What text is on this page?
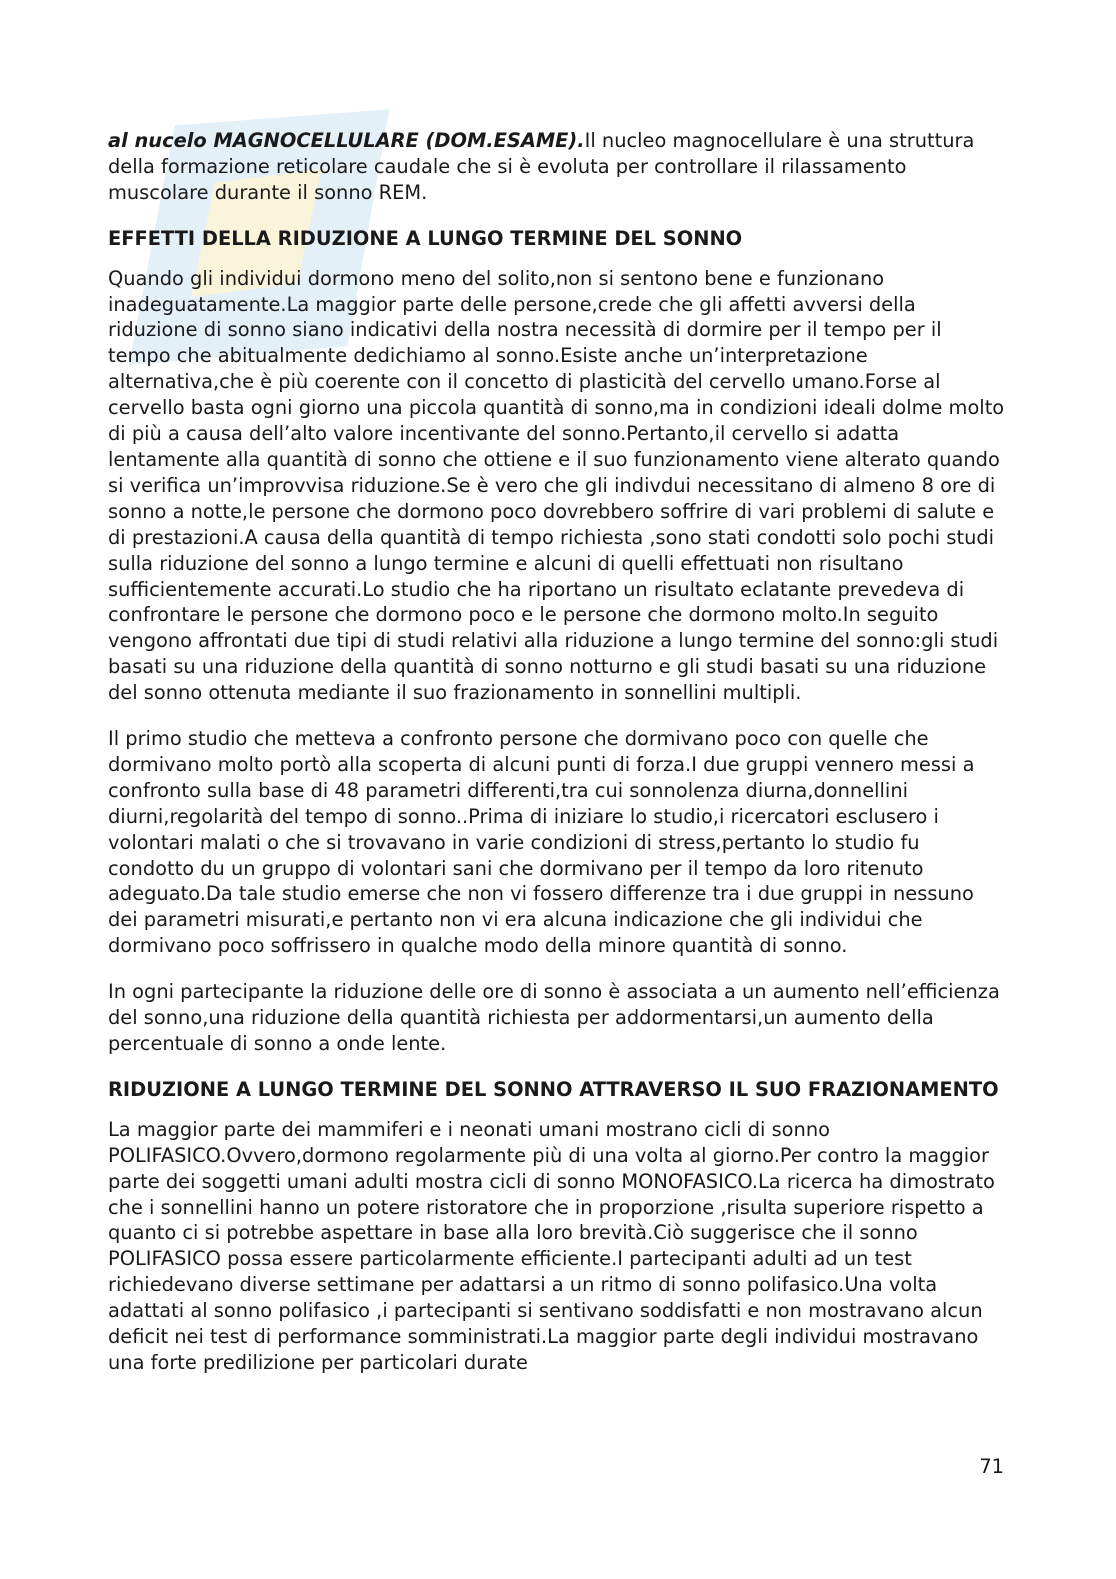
al nucelo MAGNOCELLULARE (DOM.ESAME).Il nucleo magnocellulare è una struttura della formazione reticolare caudale che si è evoluta per controllare il rilassamento muscolare durante il sonno REM.

EFFETTI DELLA RIDUZIONE A LUNGO TERMINE DEL SONNO

Quando gli individui dormono meno del solito,non si sentono bene e funzionano inadeguatamente.La maggior parte delle persone,crede che gli affetti avversi della riduzione di sonno siano indicativi della nostra necessità di dormire per il tempo per il tempo che abitualmente dedichiamo al sonno.Esiste anche un’interpretazione alternativa,che è più coerente con il concetto di plasticità del cervello umano.Forse al cervello basta ogni giorno una piccola quantità di sonno,ma in condizioni ideali dolme molto di più a causa dell’alto valore incentivante del sonno.Pertanto,il cervello si adatta lentamente alla quantità di sonno che ottiene e il suo funzionamento viene alterato quando si verifica un’improvvisa riduzione.Se è vero che gli indivdui necessitano di almeno 8 ore di sonno a notte,le persone che dormono poco dovrebbero soffrire di vari problemi di salute e di prestazioni.A causa della quantità di tempo richiesta ,sono stati condotti solo pochi studi sulla riduzione del sonno a lungo termine e alcuni di quelli effettuati non risultano sufficientemente accurati.Lo studio che ha riportano un risultato eclatante prevedeva di confrontare le persone che dormono poco e le persone che dormono molto.In seguito vengono affrontati due tipi di studi relativi alla riduzione a lungo termine del sonno:gli studi basati su una riduzione della quantità di sonno notturno e gli studi basati su una riduzione del sonno ottenuta mediante il suo frazionamento in sonnellini multipli.

Il primo studio che metteva a confronto persone che dormivano poco con quelle che dormivano molto portò alla scoperta di alcuni punti di forza.I due gruppi vennero messi a confronto sulla base di 48 parametri differenti,tra cui sonnolenza diurna,donnellini diurni,regolarità del tempo di sonno..Prima di iniziare lo studio,i ricercatori esclusero i volontari malati o che si trovavano in varie condizioni di stress,pertanto lo studio fu condotto du un gruppo di volontari sani che dormivano per il tempo da loro ritenuto adeguato.Da tale studio emerse che non vi fossero differenze tra i due gruppi in nessuno dei parametri misurati,e pertanto non vi era alcuna indicazione che gli individui che dormivano poco soffrissero in qualche modo della minore quantità di sonno.

In ogni partecipante la riduzione delle ore di sonno è associata a un aumento nell’efficienza del sonno,una riduzione della quantità richiesta per addormentarsi,un aumento della percentuale di sonno a onde lente.

RIDUZIONE A LUNGO TERMINE DEL SONNO ATTRAVERSO IL SUO FRAZIONAMENTO

La maggior parte dei mammiferi e i neonati umani mostrano cicli di sonno POLIFASICO.Ovvero,dormono regolarmente più di una volta al giorno.Per contro la maggior parte dei soggetti umani adulti mostra cicli di sonno MONOFASICO.La ricerca ha dimostrato che i sonnellini hanno un potere ristoratore che in proporzione ,risulta superiore rispetto a quanto ci si potrebbe aspettare in base alla loro brevità.Ciò suggerisce che il sonno POLIFASICO possa essere particolarmente efficiente.I partecipanti adulti ad un test richiedevano diverse settimane per adattarsi a un ritmo di sonno polifasico.Una volta adattati al sonno polifasico ,i partecipanti si sentivano soddisfatti e non mostravano alcun deficit nei test di performance somministrati.La maggior parte degli individui mostravano una forte predilizione per particolari durate

71
